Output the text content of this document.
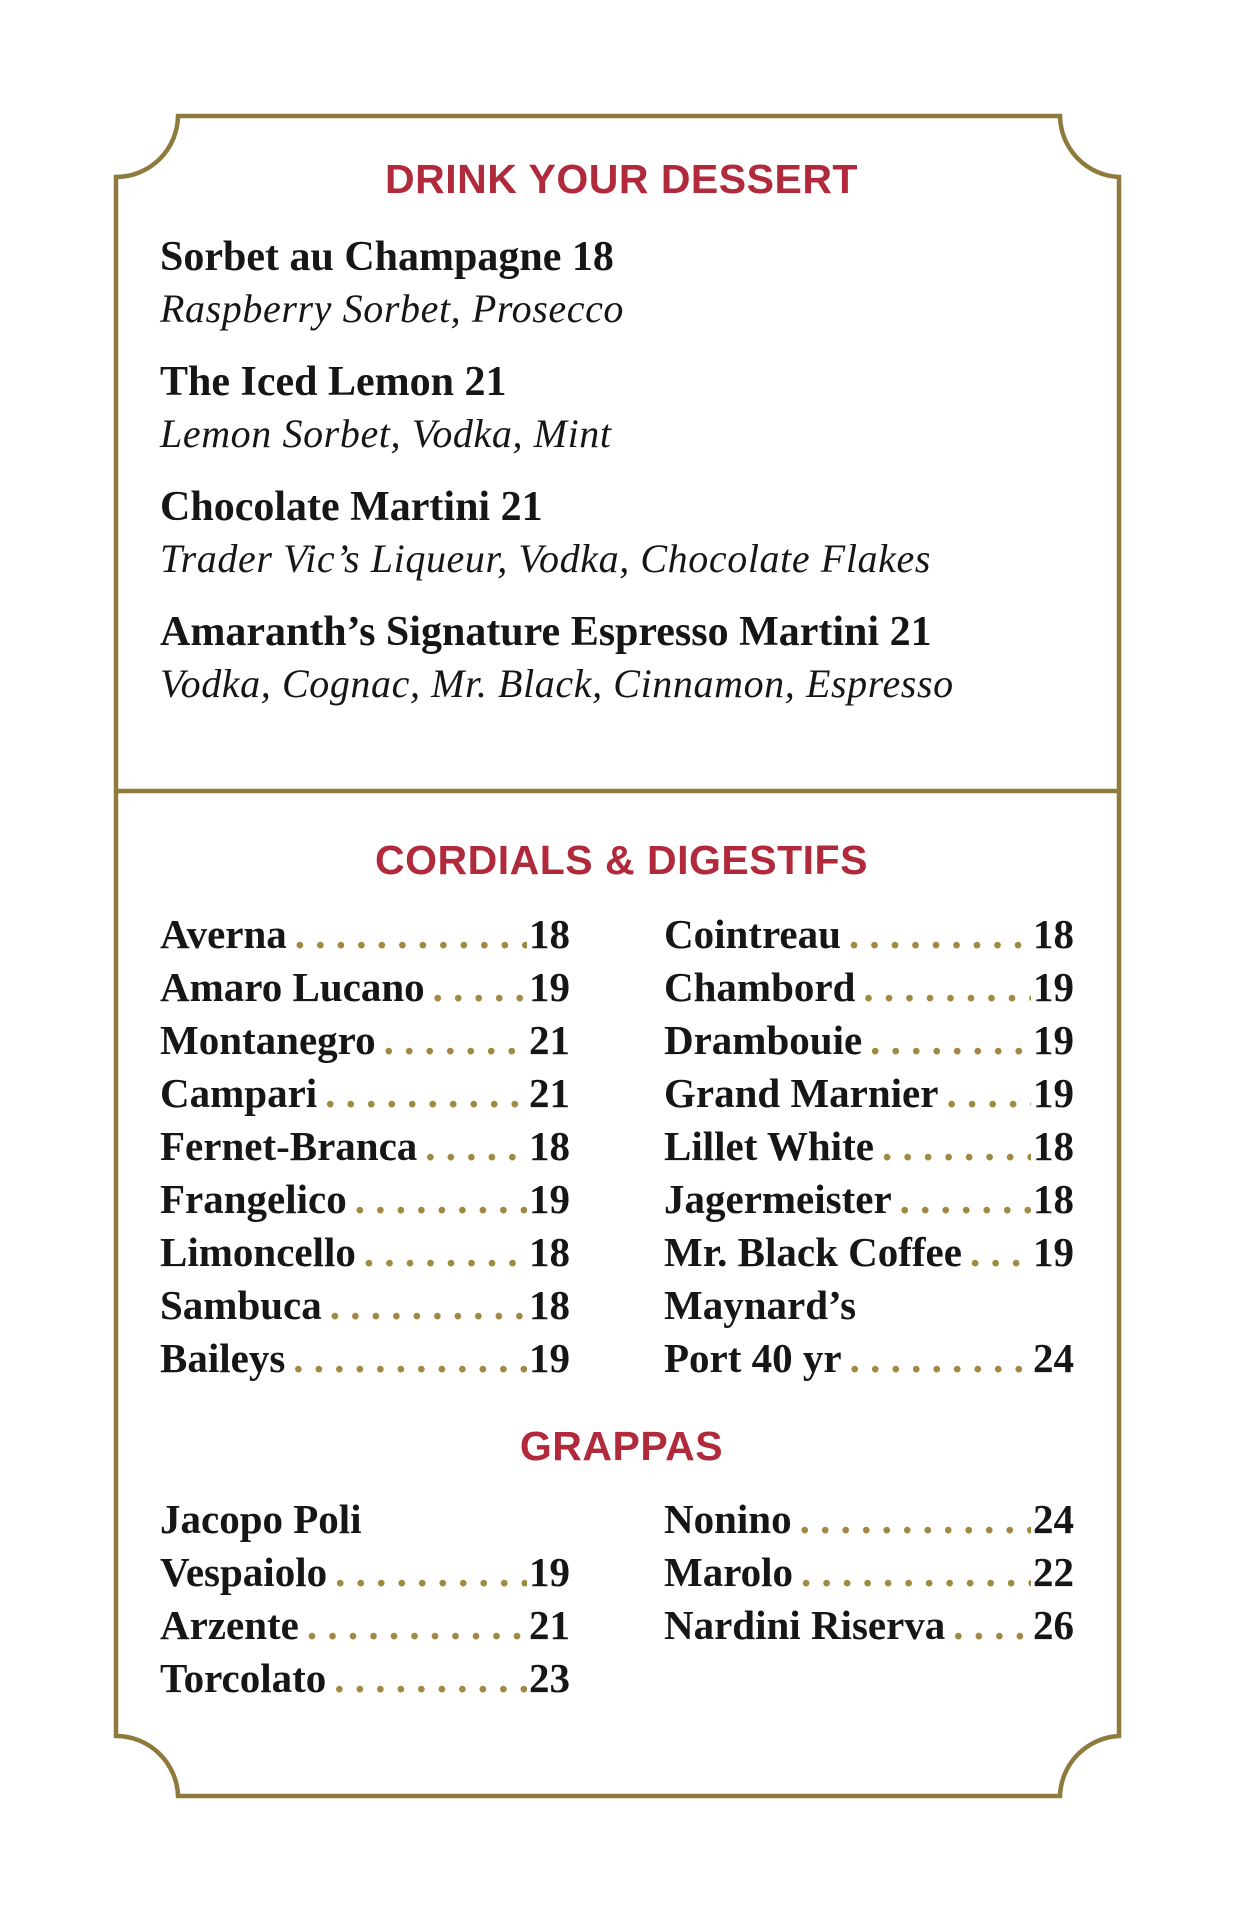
DRINK YOUR DESSERT
Sorbet au Champagne 18
Raspberry Sorbet, Prosecco
The Iced Lemon 21
Lemon Sorbet, Vodka, Mint
Chocolate Martini 21
Trader Vic’s Liqueur, Vodka, Chocolate Flakes
Amaranth’s Signature Espresso Martini 21
Vodka, Cognac, Mr. Black, Cinnamon, Espresso
CORDIALS & DIGESTIFS
Averna . . .	18
Amaro Lucano . . .	19
Montanegro . . .	21
Campari . . .	21
Fernet-Branca . . .	18
Frangelico . . .	19
Limoncello . . .	18
Sambuca . . .	18
Baileys . . .	19
Cointreau . . .	18
Chambord . . .	19
Drambouie . . .	19
Grand Marnier . . . 19
Lillet White . . .	18
Jagermeister . . .	18
Mr. Black Coffee . . . 19
Maynard’s
Port 40 yr . . .	24
GRAPPAS
Jacopo Poli
Vespaiolo . . .	19
Arzente . . .	21
Torcolato . . .	23
Nonino . . .	24
Marolo . . .	22
Nardini Riserva . . . 26
